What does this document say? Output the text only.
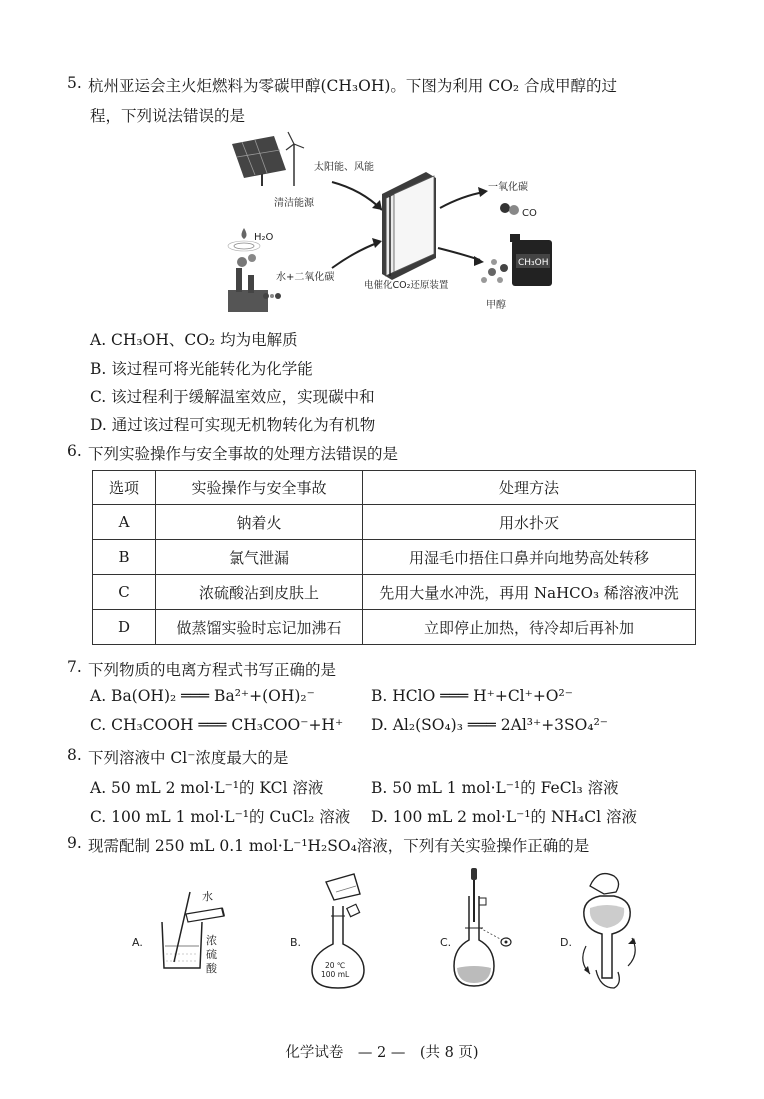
5. 杭州亚运会主火炬燃料为零碳甲醇(CH₃OH)。下图为利用 CO₂ 合成甲醇的过
程，下列说法错误的是
太阳能、风能
清洁能源
H₂O
水+二氧化碳
电催化CO₂还原装置
一氧化碳
CO
CH₃OH
甲醇
A. CH₃OH、CO₂ 均为电解质
B. 该过程可将光能转化为化学能
C. 该过程利于缓解温室效应，实现碳中和
D. 通过该过程可实现无机物转化为有机物
6. 下列实验操作与安全事故的处理方法错误的是
选项	实验操作与安全事故	处理方法
A	钠着火	用水扑灭
B	氯气泄漏	用湿毛巾捂住口鼻并向地势高处转移
C	浓硫酸沾到皮肤上	先用大量水冲洗，再用 NaHCO₃ 稀溶液冲洗
D	做蒸馏实验时忘记加沸石	立即停止加热，待冷却后再补加
7. 下列物质的电离方程式书写正确的是
A. Ba(OH)₂ ═══ Ba²⁺+(OH)₂⁻	B. HClO ═══ H⁺+Cl⁺+O²⁻
C. CH₃COOH ═══ CH₃COO⁻+H⁺ D. Al₂(SO₄)₃ ═══ 2Al³⁺+3SO₄²⁻
8. 下列溶液中 Cl⁻浓度最大的是
A. 50 mL 2 mol·L⁻¹的 KCl 溶液	B. 50 mL 1 mol·L⁻¹的 FeCl₃ 溶液
C. 100 mL 1 mol·L⁻¹的 CuCl₂ 溶液 D. 100 mL 2 mol·L⁻¹的 NH₄Cl 溶液
9. 现需配制 250 mL 0.1 mol·L⁻¹H₂SO₄溶液，下列有关实验操作正确的是
A.
水
浓
硫
酸
B.
20 ℃
100 mL
C.	D.
化学试卷　— 2 —　(共 8 页)
